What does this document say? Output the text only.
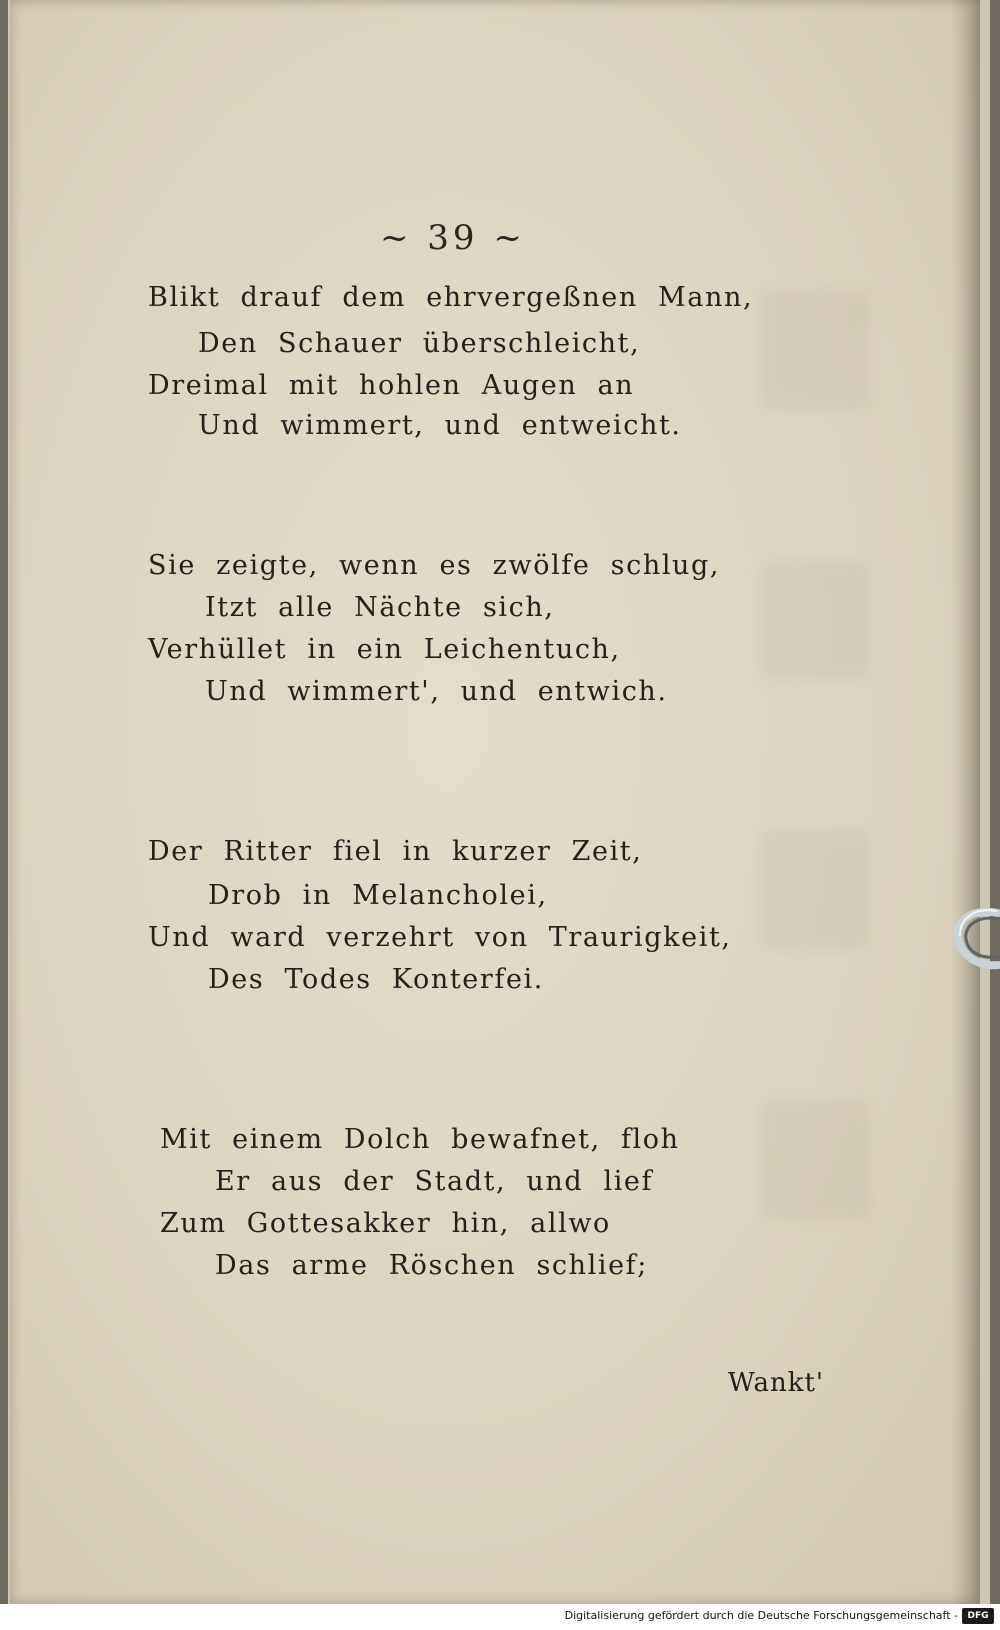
~ 39 ~
Blikt drauf dem ehrvergeßnen Mann,
Den Schauer überschleicht,
Dreimal mit hohlen Augen an
Und wimmert, und entweicht.
Sie zeigte, wenn es zwölfe schlug,
Itzt alle Nächte sich,
Verhüllet in ein Leichentuch,
Und wimmert', und entwich.
Der Ritter fiel in kurzer Zeit,
Drob in Melancholei,
Und ward verzehrt von Traurigkeit,
Des Todes Konterfei.
Mit einem Dolch bewafnet, floh
Er aus der Stadt, und lief
Zum Gottesakker hin, allwo
Das arme Röschen schlief;
Wankt'
Digitalisierung gefördert durch die Deutsche Forschungsgemeinschaft -	DFG
